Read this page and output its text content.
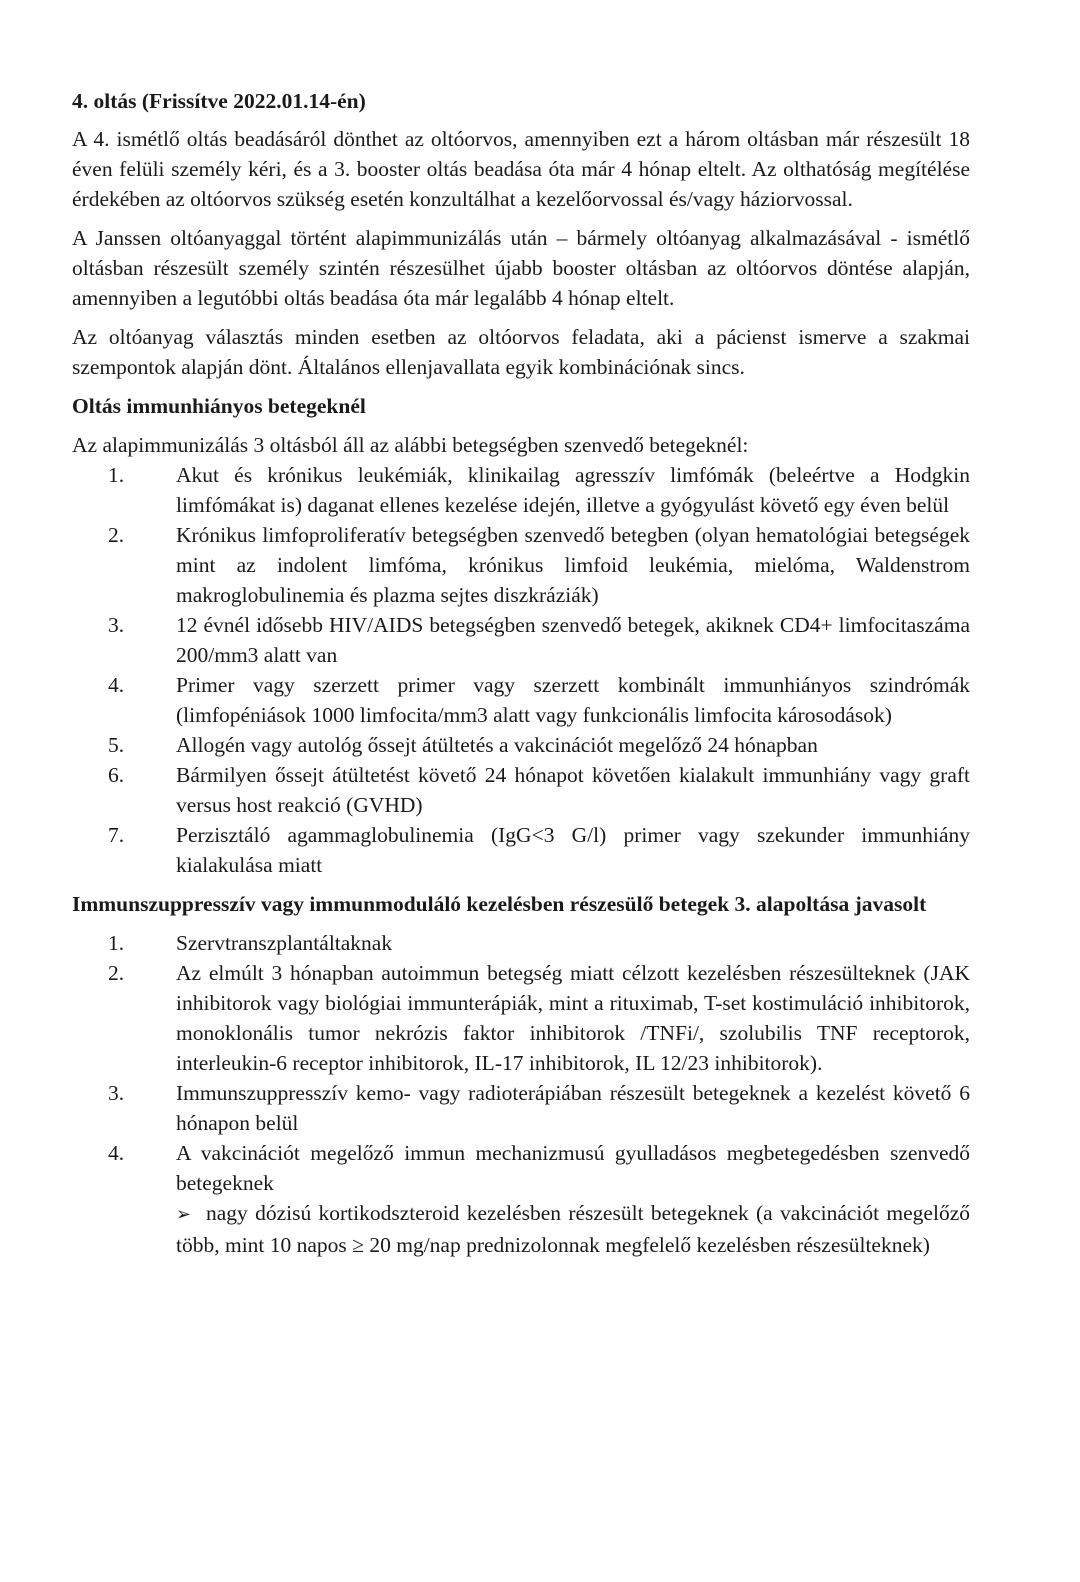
4. oltás (Frissítve 2022.01.14-én)

A 4. ismétlő oltás beadásáról dönthet az oltóorvos, amennyiben ezt a három oltásban már részesült 18 éven felüli személy kéri, és a 3. booster oltás beadása óta már 4 hónap eltelt. Az olthatóság megítélése érdekében az oltóorvos szükség esetén konzultálhat a kezelőorvossal és/vagy háziorvossal.

A Janssen oltóanyaggal történt alapimmunizálás után – bármely oltóanyag alkalmazásával - ismétlő oltásban részesült személy szintén részesülhet újabb booster oltásban az oltóorvos döntése alapján, amennyiben a legutóbbi oltás beadása óta már legalább 4 hónap eltelt.

Az oltóanyag választás minden esetben az oltóorvos feladata, aki a pácienst ismerve a szakmai szempontok alapján dönt. Általános ellenjavallata egyik kombinációnak sincs.

Oltás immunhiányos betegeknél
Az alapimmunizálás 3 oltásból áll az alábbi betegségben szenvedő betegeknél:
1. Akut és krónikus leukémiák, klinikailag agresszív limfómák (beleértve a Hodgkin limfómákat is) daganat ellenes kezelése idején, illetve a gyógyulást követő egy éven belül
2. Krónikus limfoproliferatív betegségben szenvedő betegben (olyan hematológiai betegségek mint az indolent limfóma, krónikus limfoid leukémia, mielóma, Waldenstrom makroglobulinemia és plazma sejtes diszkráziák)
3. 12 évnél idősebb HIV/AIDS betegségben szenvedő betegek, akiknek CD4+ limfocitaszáma 200/mm3 alatt van
4. Primer vagy szerzett primer vagy szerzett kombinált immunhiányos szindrómák (limfopéniások 1000 limfocita/mm3 alatt vagy funkcionális limfocita károsodások)
5. Allogén vagy autológ őssejt átültetés a vakcinációt megelőző 24 hónapban
6. Bármilyen őssejt átültetést követő 24 hónapot követően kialakult immunhiány vagy graft versus host reakció (GVHD)
7. Perzisztáló agammaglobulinemia (IgG<3 G/l) primer vagy szekunder immunhiány kialakulása miatt
Immunszuppresszív vagy immunmoduláló kezelésben részesülő betegek 3. alapoltása javasolt
1. Szervtranszplantáltaknak
2. Az elmúlt 3 hónapban autoimmun betegség miatt célzott kezelésben részesülteknek (JAK inhibitorok vagy biológiai immunterápiák, mint a rituximab, T-set kostimuláció inhibitorok, monoklonális tumor nekrózis faktor inhibitorok /TNFi/, szolubilis TNF receptorok, interleukin-6 receptor inhibitorok, IL-17 inhibitorok, IL 12/23 inhibitorok).
3. Immunszuppresszív kemo- vagy radioterápiában részesült betegeknek a kezelést követő 6 hónapon belül
4. A vakcinációt megelőző immun mechanizmusú gyulladásos megbetegedésben szenvedő betegeknek
➢ nagy dózisú kortikodszteroid kezelésben részesült betegeknek (a vakcinációt megelőző több, mint 10 napos ≥ 20 mg/nap prednizolonnak megfelelő kezelésben részesülteknek)
